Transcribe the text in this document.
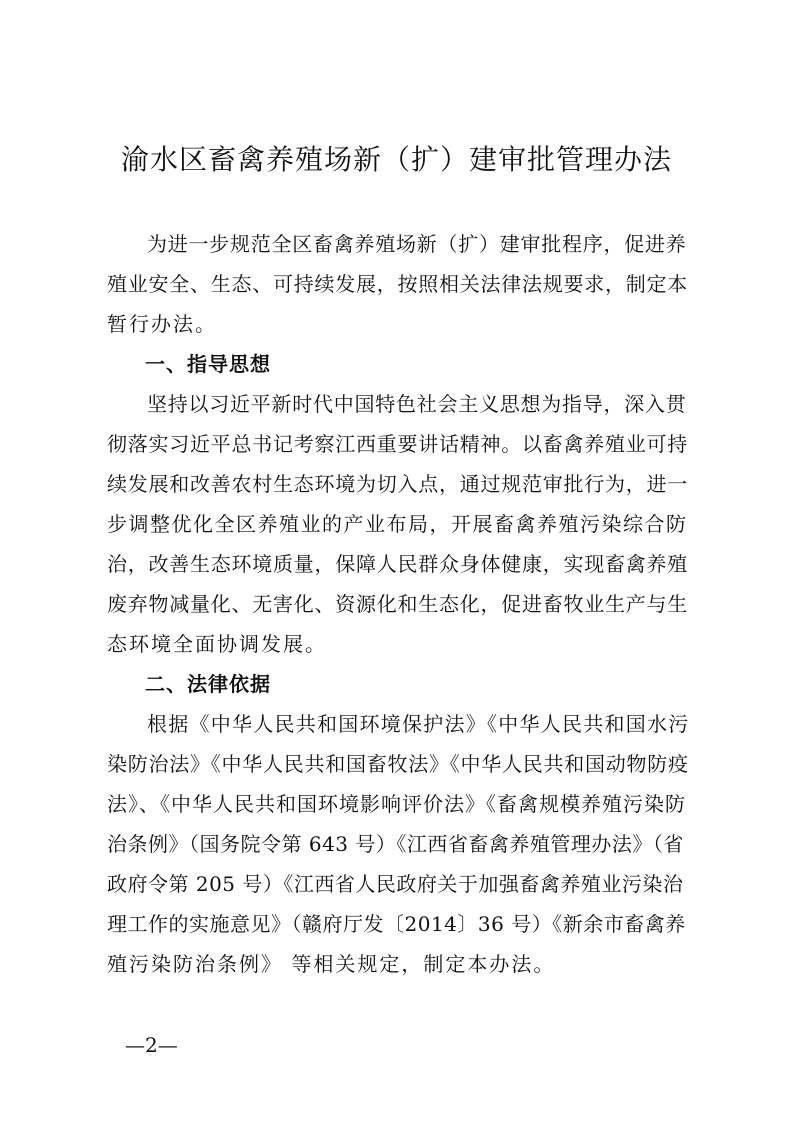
渝水区畜禽养殖场新（扩）建审批管理办法
为进一步规范全区畜禽养殖场新（扩）建审批程序，促进养
殖业安全、生态、可持续发展，按照相关法律法规要求，制定本
暂行办法。
一、指导思想
坚持以习近平新时代中国特色社会主义思想为指导，深入贯
彻落实习近平总书记考察江西重要讲话精神。以畜禽养殖业可持
续发展和改善农村生态环境为切入点，通过规范审批行为，进一
步调整优化全区养殖业的产业布局，开展畜禽养殖污染综合防
治，改善生态环境质量，保障人民群众身体健康，实现畜禽养殖
废弃物减量化、无害化、资源化和生态化，促进畜牧业生产与生
态环境全面协调发展。
二、法律依据
根据《中华人民共和国环境保护法》《中华人民共和国水污
染防治法》《中华人民共和国畜牧法》《中华人民共和国动物防疫
法》、《中华人民共和国环境影响评价法》《畜禽规模养殖污染防
治条例》（国务院令第 643 号）《江西省畜禽养殖管理办法》（省
政府令第 205 号）《江西省人民政府关于加强畜禽养殖业污染治
理工作的实施意见》（赣府厅发〔2014〕36 号）《新余市畜禽养
殖污染防治条例》 等相关规定，制定本办法。
—2—
